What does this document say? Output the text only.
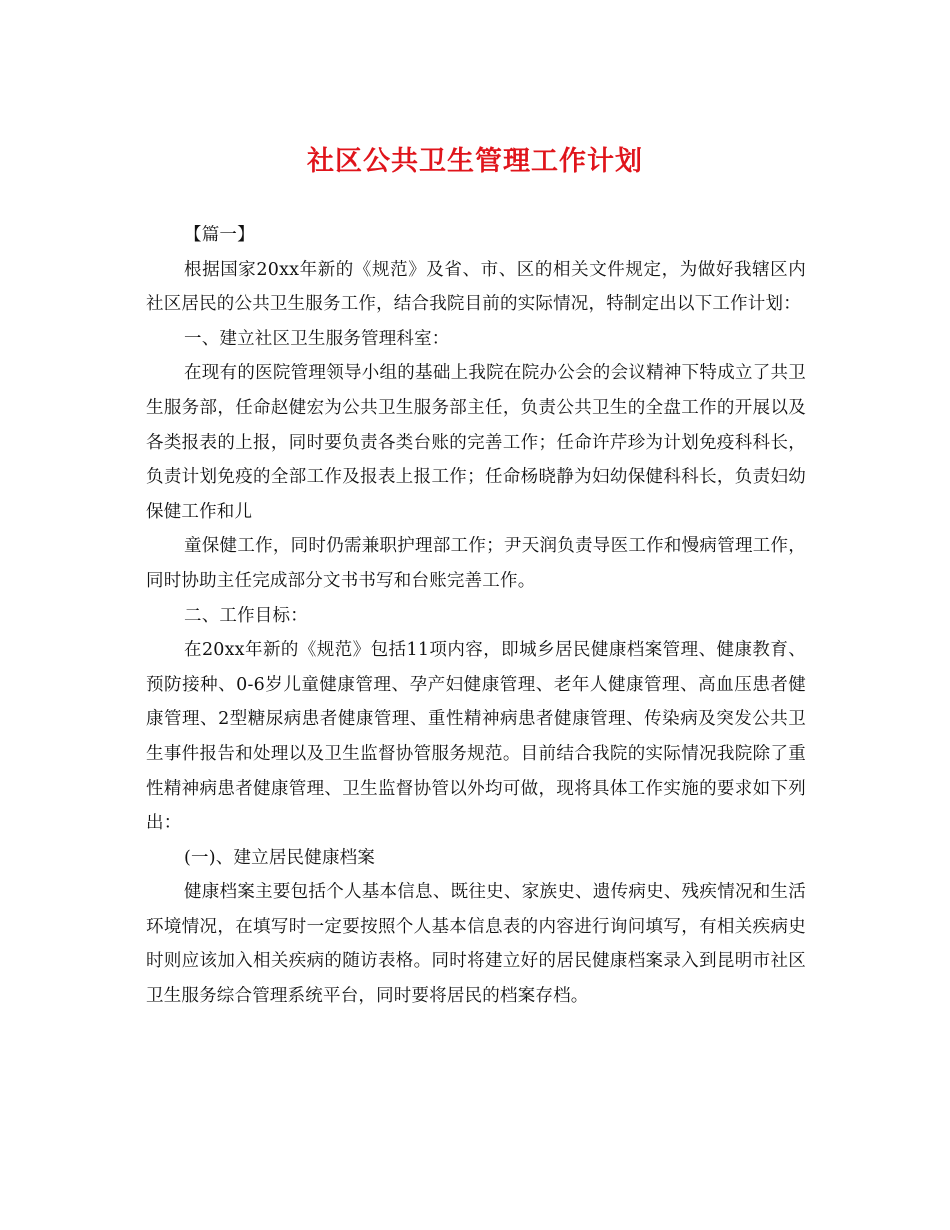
社区公共卫生管理工作计划

【篇一】

根据国家20xx年新的《规范》及省、市、区的相关文件规定，为做好我辖区内社区居民的公共卫生服务工作，结合我院目前的实际情况，特制定出以下工作计划：

一、建立社区卫生服务管理科室：

在现有的医院管理领导小组的基础上我院在院办公会的会议精神下特成立了共卫生服务部，任命赵健宏为公共卫生服务部主任，负责公共卫生的全盘工作的开展以及各类报表的上报，同时要负责各类台账的完善工作；任命许芹珍为计划免疫科科长，负责计划免疫的全部工作及报表上报工作；任命杨晓静为妇幼保健科科长，负责妇幼保健工作和儿

童保健工作，同时仍需兼职护理部工作；尹天润负责导医工作和慢病管理工作，同时协助主任完成部分文书书写和台账完善工作。

二、工作目标：

在20xx年新的《规范》包括11项内容，即城乡居民健康档案管理、健康教育、预防接种、0-6岁儿童健康管理、孕产妇健康管理、老年人健康管理、高血压患者健康管理、2型糖尿病患者健康管理、重性精神病患者健康管理、传染病及突发公共卫生事件报告和处理以及卫生监督协管服务规范。目前结合我院的实际情况我院除了重性精神病患者健康管理、卫生监督协管以外均可做，现将具体工作实施的要求如下列出：

(一)、建立居民健康档案

健康档案主要包括个人基本信息、既往史、家族史、遗传病史、残疾情况和生活环境情况，在填写时一定要按照个人基本信息表的内容进行询问填写，有相关疾病史时则应该加入相关疾病的随访表格。同时将建立好的居民健康档案录入到昆明市社区卫生服务综合管理系统平台，同时要将居民的档案存档。
